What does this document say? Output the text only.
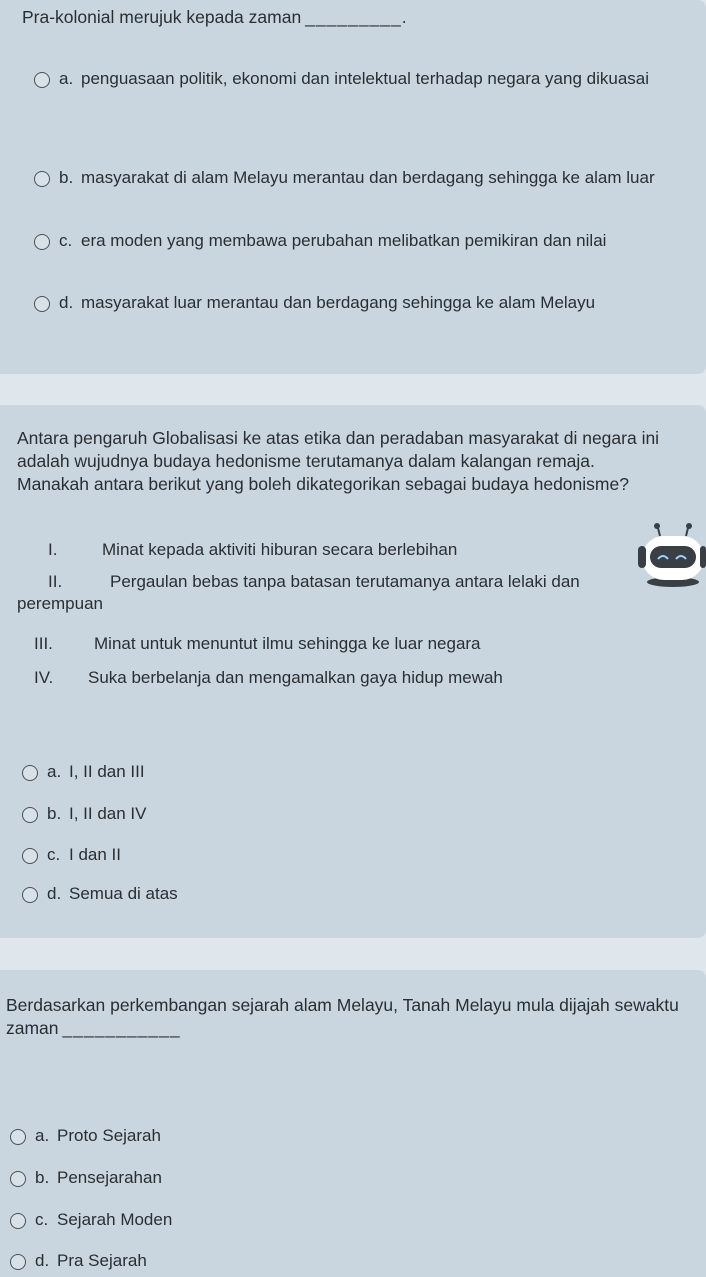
Pra-kolonial merujuk kepada zaman _________.
a. penguasaan politik, ekonomi dan intelektual terhadap negara yang dikuasai
b. masyarakat di alam Melayu merantau dan berdagang sehingga ke alam luar
c. era moden yang membawa perubahan melibatkan pemikiran dan nilai
d. masyarakat luar merantau dan berdagang sehingga ke alam Melayu
Antara pengaruh Globalisasi ke atas etika dan peradaban masyarakat di negara ini adalah wujudnya budaya hedonisme terutamanya dalam kalangan remaja. Manakah antara berikut yang boleh dikategorikan sebagai budaya hedonisme?
I.	Minat kepada aktiviti hiburan secara berlebihan
II.	Pergaulan bebas tanpa batasan terutamanya antara lelaki dan perempuan
III.	Minat untuk menuntut ilmu sehingga ke luar negara
IV.	Suka berbelanja dan mengamalkan gaya hidup mewah
a. I, II dan III
b. I, II dan IV
c. I dan II
d. Semua di atas
Berdasarkan perkembangan sejarah alam Melayu, Tanah Melayu mula dijajah sewaktu zaman ___________
a. Proto Sejarah
b. Pensejarahan
c. Sejarah Moden
d. Pra Sejarah
